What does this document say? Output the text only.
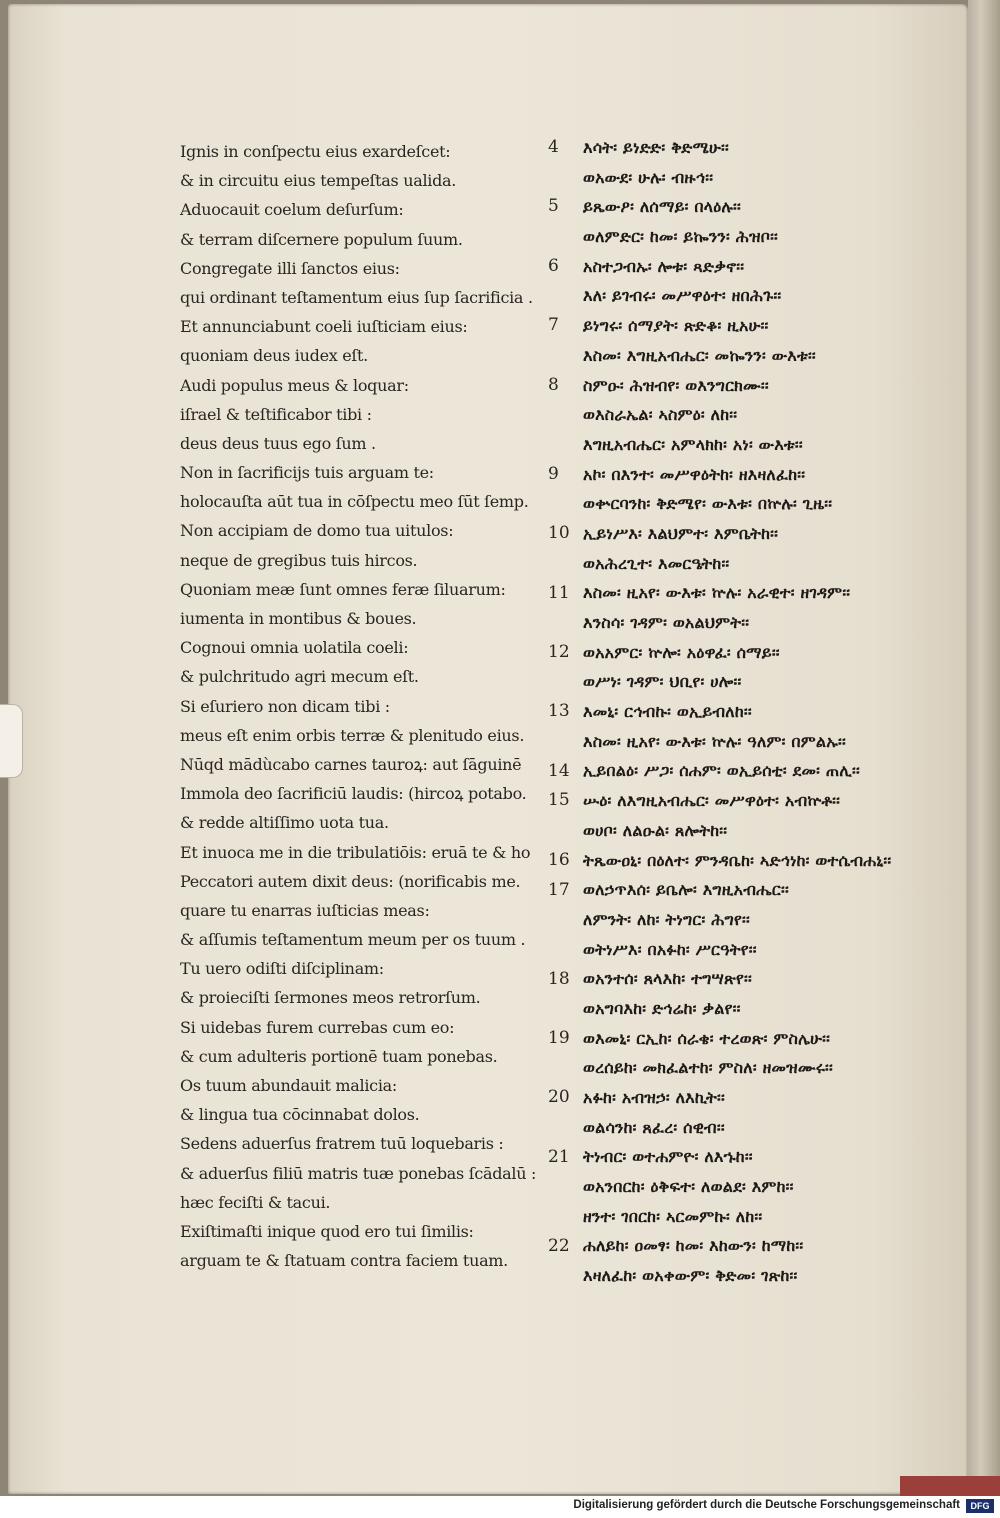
Ignis in conſpectu eius exardeſcet:
& in circuitu eius tempeſtas ualida.
Aduocauit coelum deſurſum:
& terram diſcernere populum ſuum.
Congregate illi ſanctos eius:
qui ordinant teſtamentum eius ſup ſacrificia .
Et annunciabunt coeli iuſticiam eius:
quoniam deus iudex eſt.
Audi populus meus & loquar:
iſrael & teſtificabor tibi :
deus deus tuus ego ſum .
Non in ſacrificijs tuis arguam te:
holocauſta aūt tua in cōſpectu meo ſūt ſemp.
Non accipiam de domo tua uitulos:
neque de gregibus tuis hircos.
Quoniam meæ ſunt omnes feræ ſiluarum:
iumenta in montibus & boues.
Cognoui omnia uolatila coeli:
& pulchritudo agri mecum eſt.
Si eſuriero non dicam tibi :
meus eſt enim orbis terræ & plenitudo eius.
Nūqd mādùcabo carnes tauroꝝ: aut ſāguinē
Immola deo ſacrificiū laudis: (hircoꝝ potabo.
& redde altiſſimo uota tua.
Et inuoca me in die tribulatiōis: eruā te & ho
Peccatori autem dixit deus: (norificabis me.
quare tu enarras iuſticias meas:
& aſſumis teſtamentum meum per os tuum .
Tu uero odiſti diſciplinam:
& proieciſti ſermones meos retrorſum.
Si uidebas furem currebas cum eo:
& cum adulteris portionē tuam ponebas.
Os tuum abundauit malicia:
& lingua tua cōcinnabat dolos.
Sedens aduerſus fratrem tuū loquebaris :
& aduerſus filiū matris tuæ ponebas ſcādalū :
hæc feciſti & tacui.
Exiſtimaſti inique quod ero tui ſimilis:
arguam te & ſtatuam contra faciem tuam.
4
5
6
7
8
9
10
11
12
13
14
15
16
17
18
19
20
21
22
እሳት፡ ይነድድ፡ ቅድሜሁ፡፡
ወአውደ፡ ሁሉ፡ ብዙኅ፡፡
ይጼውዖ፡ ለሰማይ፡ በላዕሉ፡፡
ወለምድር፡ ከመ፡ ይኰንን፡ ሕዝቦ፡፡
አስተጋብኡ፡ ሎቱ፡ ጻድቃኖ፡፡
እለ፡ ይገብሩ፡ መሥዋዕተ፡ ዘበሕጉ፡፡
ይነግሩ፡ ሰማያት፡ ጽድቆ፡ ዚአሁ፡፡
እስመ፡ እግዚአብሔር፡ መኰንን፡ ውእቱ፡፡
ስምዑ፡ ሕዝብየ፡ ወእንግርክሙ፡፡
ወእስራኤል፡ ኣስምዕ፡ ለከ፡፡
እግዚአብሔር፡ አምላክከ፡ አነ፡ ውእቱ፡፡
አኮ፡ በእንተ፡ መሥዋዕትከ፡ ዘእዛለፈከ፡፡
ወቍርባንከ፡ ቅድሜየ፡ ውእቱ፡ በኵሉ፡ ጊዜ፡፡
ኢይነሥእ፡ እልህምተ፡ እምቤትከ፡፡
ወአሕረጊተ፡ እመርዔትከ፡፡
እስመ፡ ዚአየ፡ ውእቱ፡ ኵሉ፡ አራዊተ፡ ዘገዳም፡፡
እንስሳ፡ ገዳም፡ ወአልህምት፡፡
ወአአምር፡ ኵሎ፡ አዕዋፈ፡ ሰማይ፡፡
ወሥነ፡ ገዳም፡ ህቢየ፡ ሀሎ፡፡
እመኒ፡ ርኅብኩ፡ ወኢይብለከ፡፡
እስመ፡ ዚአየ፡ ውእቱ፡ ኵሉ፡ ዓለም፡ በምልኡ፡፡
ኢይበልዕ፡ ሥጋ፡ ሰሐም፡ ወኢይሰቲ፡ ደመ፡ ጠሊ፡፡
ሡዕ፡ ለእግዚአብሔር፡ መሥዋዕተ፡ አብኵቶ፡፡
ወሀቦ፡ ለልዑል፡ ጸሎትከ፡፡
ትጼውዐኒ፡ በዕለተ፡ ምንዳቤከ፡ ኣድኅነከ፡ ወተሴብሐኒ፡፡
ወለኃጥእሰ፡ ይቤሎ፡ እግዚአብሔር፡፡
ለምንት፡ ለከ፡ ትነግር፡ ሕግየ፡፡
ወትነሥእ፡ በአፉከ፡ ሥርዓትየ፡፡
ወአንተሰ፡ ጸላእከ፡ ተግሣጽየ፡፡
ወአግባእከ፡ ድኅሬከ፡ ቃልየ፡፡
ወእመኒ፡ ርኢከ፡ ሰራቄ፡ ተረወጽ፡ ምስሌሁ፡፡
ወረሰይከ፡ መክፈልተከ፡ ምስለ፡ ዘመዝሙሩ፡፡
አፉከ፡ አብዝኃ፡ ለእኪት፡፡
ወልሳንከ፡ ጸፈረ፡ ሰዊብ፡፡
ትነብር፡ ወተሐምዮ፡ ለእኁከ፡፡
ወአንበርከ፡ ዕቅፍተ፡ ለወልደ፡ እምከ፡፡
ዘንተ፡ ገበርከ፡ ኣርመምኩ፡ ለከ፡፡
ሐለይከ፡ ዐመፃ፡ ከመ፡ እከውን፡ ከማከ፡፡
እዛለፈከ፡ ወአቀውም፡ ቅድመ፡ ገጽከ፡፡
Digitalisierung gefördert durch die Deutsche Forschungsgemeinschaft	DFG
